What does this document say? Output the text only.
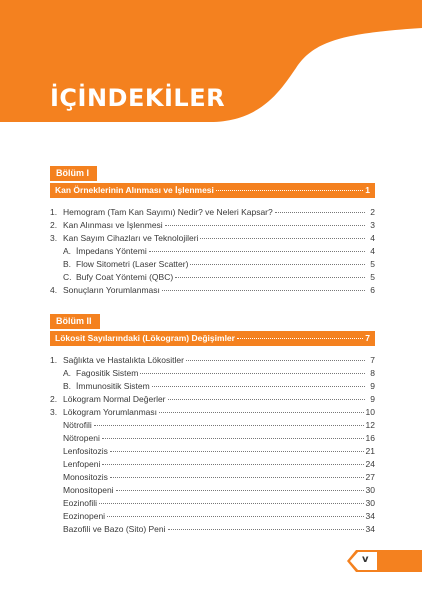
İÇİNDEKİLER
Bölüm I
Kan Örneklerinin Alınması ve İşlenmesi	1
1. Hemogram (Tam Kan Sayımı) Nedir? ve Neleri Kapsar?	2
2. Kan Alınması ve İşlenmesi	3
3. Kan Sayım Cihazları ve Teknolojileri	4
A. İmpedans Yöntemi	4
B. Flow Sitometri (Laser Scatter)	5
C. Bufy Coat Yöntemi (QBC)	5
4. Sonuçların Yorumlanması	6
Bölüm II
Lökosit Sayılarındaki (Lökogram) Değişimler	7
1. Sağlıkta ve Hastalıkta Lökositler	7
A. Fagositik Sistem	8
B. İmmunositik Sistem	9
2. Lökogram Normal Değerler	9
3. Lökogram Yorumlanması	10
Nötrofili	12
Nötropeni	16
Lenfositozis	21
Lenfopeni	24
Monositozis	27
Monositopeni	30
Eozinofili	30
Eozinopeni	34
Bazofili ve Bazo (Sito) Peni	34
v
